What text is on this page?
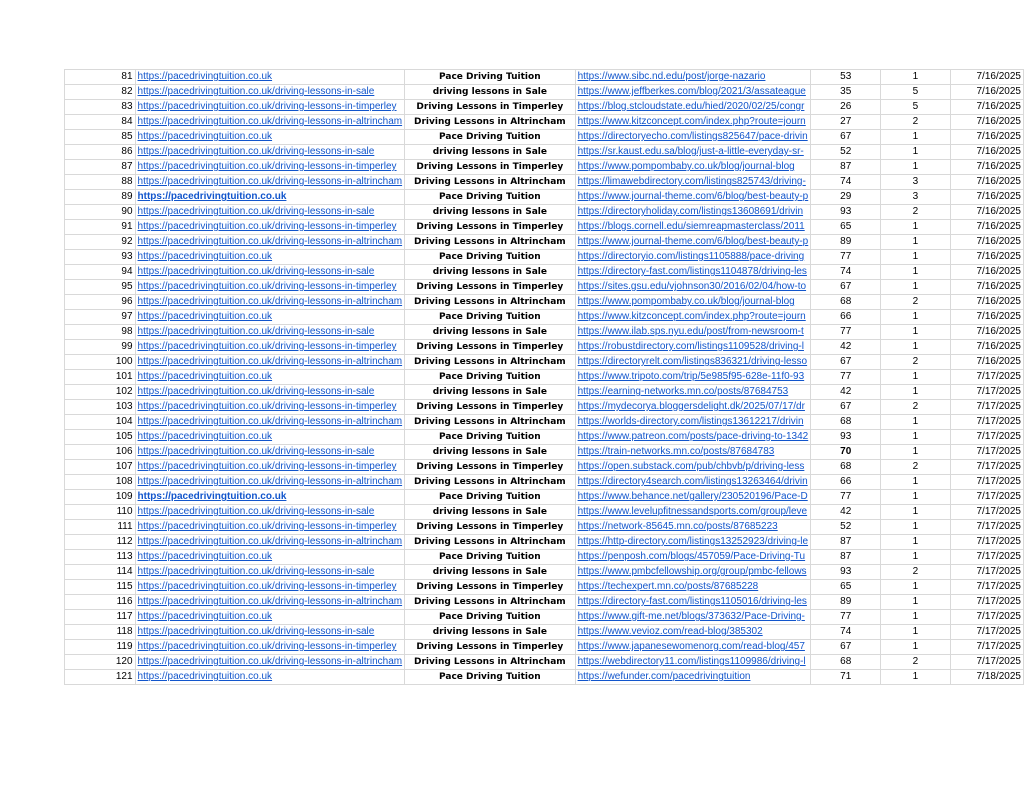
81	https://pacedrivingtuition.co.uk	Pace Driving Tuition	https://www.sibc.nd.edu/post/jorge-nazario	53	1	7/16/2025
82	https://pacedrivingtuition.co.uk/driving-lessons-in-sale	driving lessons in Sale	https://www.jeffberkes.com/blog/2021/3/assateague	35	5	7/16/2025
83	https://pacedrivingtuition.co.uk/driving-lessons-in-timperley	Driving Lessons in Timperley	https://blog.stcloudstate.edu/hied/2020/02/25/congr	26	5	7/16/2025
84	https://pacedrivingtuition.co.uk/driving-lessons-in-altrincham	Driving Lessons in Altrincham	https://www.kitzconcept.com/index.php?route=journ	27	2	7/16/2025
85	https://pacedrivingtuition.co.uk	Pace Driving Tuition	https://directoryecho.com/listings825647/pace-drivin	67	1	7/16/2025
86	https://pacedrivingtuition.co.uk/driving-lessons-in-sale	driving lessons in Sale	https://sr.kaust.edu.sa/blog/just-a-little-everyday-sr-	52	1	7/16/2025
87	https://pacedrivingtuition.co.uk/driving-lessons-in-timperley	Driving Lessons in Timperley	https://www.pompombaby.co.uk/blog/journal-blog	87	1	7/16/2025
88	https://pacedrivingtuition.co.uk/driving-lessons-in-altrincham	Driving Lessons in Altrincham	https://limawebdirectory.com/listings825743/driving-	74	3	7/16/2025
89	https://pacedrivingtuition.co.uk	Pace Driving Tuition	https://www.journal-theme.com/6/blog/best-beauty-p	29	3	7/16/2025
90	https://pacedrivingtuition.co.uk/driving-lessons-in-sale	driving lessons in Sale	https://directoryholiday.com/listings13608691/drivin	93	2	7/16/2025
91	https://pacedrivingtuition.co.uk/driving-lessons-in-timperley	Driving Lessons in Timperley	https://blogs.cornell.edu/siemreapmasterclass/2011	65	1	7/16/2025
92	https://pacedrivingtuition.co.uk/driving-lessons-in-altrincham	Driving Lessons in Altrincham	https://www.journal-theme.com/6/blog/best-beauty-p	89	1	7/16/2025
93	https://pacedrivingtuition.co.uk	Pace Driving Tuition	https://directoryio.com/listings1105888/pace-driving	77	1	7/16/2025
94	https://pacedrivingtuition.co.uk/driving-lessons-in-sale	driving lessons in Sale	https://directory-fast.com/listings1104878/driving-les	74	1	7/16/2025
95	https://pacedrivingtuition.co.uk/driving-lessons-in-timperley	Driving Lessons in Timperley	https://sites.gsu.edu/vjohnson30/2016/02/04/how-to	67	1	7/16/2025
96	https://pacedrivingtuition.co.uk/driving-lessons-in-altrincham	Driving Lessons in Altrincham	https://www.pompombaby.co.uk/blog/journal-blog	68	2	7/16/2025
97	https://pacedrivingtuition.co.uk	Pace Driving Tuition	https://www.kitzconcept.com/index.php?route=journ	66	1	7/16/2025
98	https://pacedrivingtuition.co.uk/driving-lessons-in-sale	driving lessons in Sale	https://www.ilab.sps.nyu.edu/post/from-newsroom-t	77	1	7/16/2025
99	https://pacedrivingtuition.co.uk/driving-lessons-in-timperley	Driving Lessons in Timperley	https://robustdirectory.com/listings1109528/driving-l	42	1	7/16/2025
100	https://pacedrivingtuition.co.uk/driving-lessons-in-altrincham	Driving Lessons in Altrincham	https://directoryrelt.com/listings836321/driving-lesso	67	2	7/16/2025
101	https://pacedrivingtuition.co.uk	Pace Driving Tuition	https://www.tripoto.com/trip/5e985f95-628e-11f0-93	77	1	7/17/2025
102	https://pacedrivingtuition.co.uk/driving-lessons-in-sale	driving lessons in Sale	https://earning-networks.mn.co/posts/87684753	42	1	7/17/2025
103	https://pacedrivingtuition.co.uk/driving-lessons-in-timperley	Driving Lessons in Timperley	https://mydecorya.bloggersdelight.dk/2025/07/17/dr	67	2	7/17/2025
104	https://pacedrivingtuition.co.uk/driving-lessons-in-altrincham	Driving Lessons in Altrincham	https://worlds-directory.com/listings13612217/drivin	68	1	7/17/2025
105	https://pacedrivingtuition.co.uk	Pace Driving Tuition	https://www.patreon.com/posts/pace-driving-to-1342	93	1	7/17/2025
106	https://pacedrivingtuition.co.uk/driving-lessons-in-sale	driving lessons in Sale	https://train-networks.mn.co/posts/87684783	70	1	7/17/2025
107	https://pacedrivingtuition.co.uk/driving-lessons-in-timperley	Driving Lessons in Timperley	https://open.substack.com/pub/chbvb/p/driving-less	68	2	7/17/2025
108	https://pacedrivingtuition.co.uk/driving-lessons-in-altrincham	Driving Lessons in Altrincham	https://directory4search.com/listings13263464/drivin	66	1	7/17/2025
109	https://pacedrivingtuition.co.uk	Pace Driving Tuition	https://www.behance.net/gallery/230520196/Pace-D	77	1	7/17/2025
110	https://pacedrivingtuition.co.uk/driving-lessons-in-sale	driving lessons in Sale	https://www.levelupfitnessandsports.com/group/leve	42	1	7/17/2025
111	https://pacedrivingtuition.co.uk/driving-lessons-in-timperley	Driving Lessons in Timperley	https://network-85645.mn.co/posts/87685223	52	1	7/17/2025
112	https://pacedrivingtuition.co.uk/driving-lessons-in-altrincham	Driving Lessons in Altrincham	https://http-directory.com/listings13252923/driving-le	87	1	7/17/2025
113	https://pacedrivingtuition.co.uk	Pace Driving Tuition	https://penposh.com/blogs/457059/Pace-Driving-Tu	87	1	7/17/2025
114	https://pacedrivingtuition.co.uk/driving-lessons-in-sale	driving lessons in Sale	https://www.pmbcfellowship.org/group/pmbc-fellows	93	2	7/17/2025
115	https://pacedrivingtuition.co.uk/driving-lessons-in-timperley	Driving Lessons in Timperley	https://techexpert.mn.co/posts/87685228	65	1	7/17/2025
116	https://pacedrivingtuition.co.uk/driving-lessons-in-altrincham	Driving Lessons in Altrincham	https://directory-fast.com/listings1105016/driving-les	89	1	7/17/2025
117	https://pacedrivingtuition.co.uk	Pace Driving Tuition	https://www.gift-me.net/blogs/373632/Pace-Driving-	77	1	7/17/2025
118	https://pacedrivingtuition.co.uk/driving-lessons-in-sale	driving lessons in Sale	https://www.vevioz.com/read-blog/385302	74	1	7/17/2025
119	https://pacedrivingtuition.co.uk/driving-lessons-in-timperley	Driving Lessons in Timperley	https://www.japanesewomenorg.com/read-blog/457	67	1	7/17/2025
120	https://pacedrivingtuition.co.uk/driving-lessons-in-altrincham	Driving Lessons in Altrincham	https://webdirectory11.com/listings1109986/driving-l	68	2	7/17/2025
121	https://pacedrivingtuition.co.uk	Pace Driving Tuition	https://wefunder.com/pacedrivingtuition	71	1	7/18/2025
